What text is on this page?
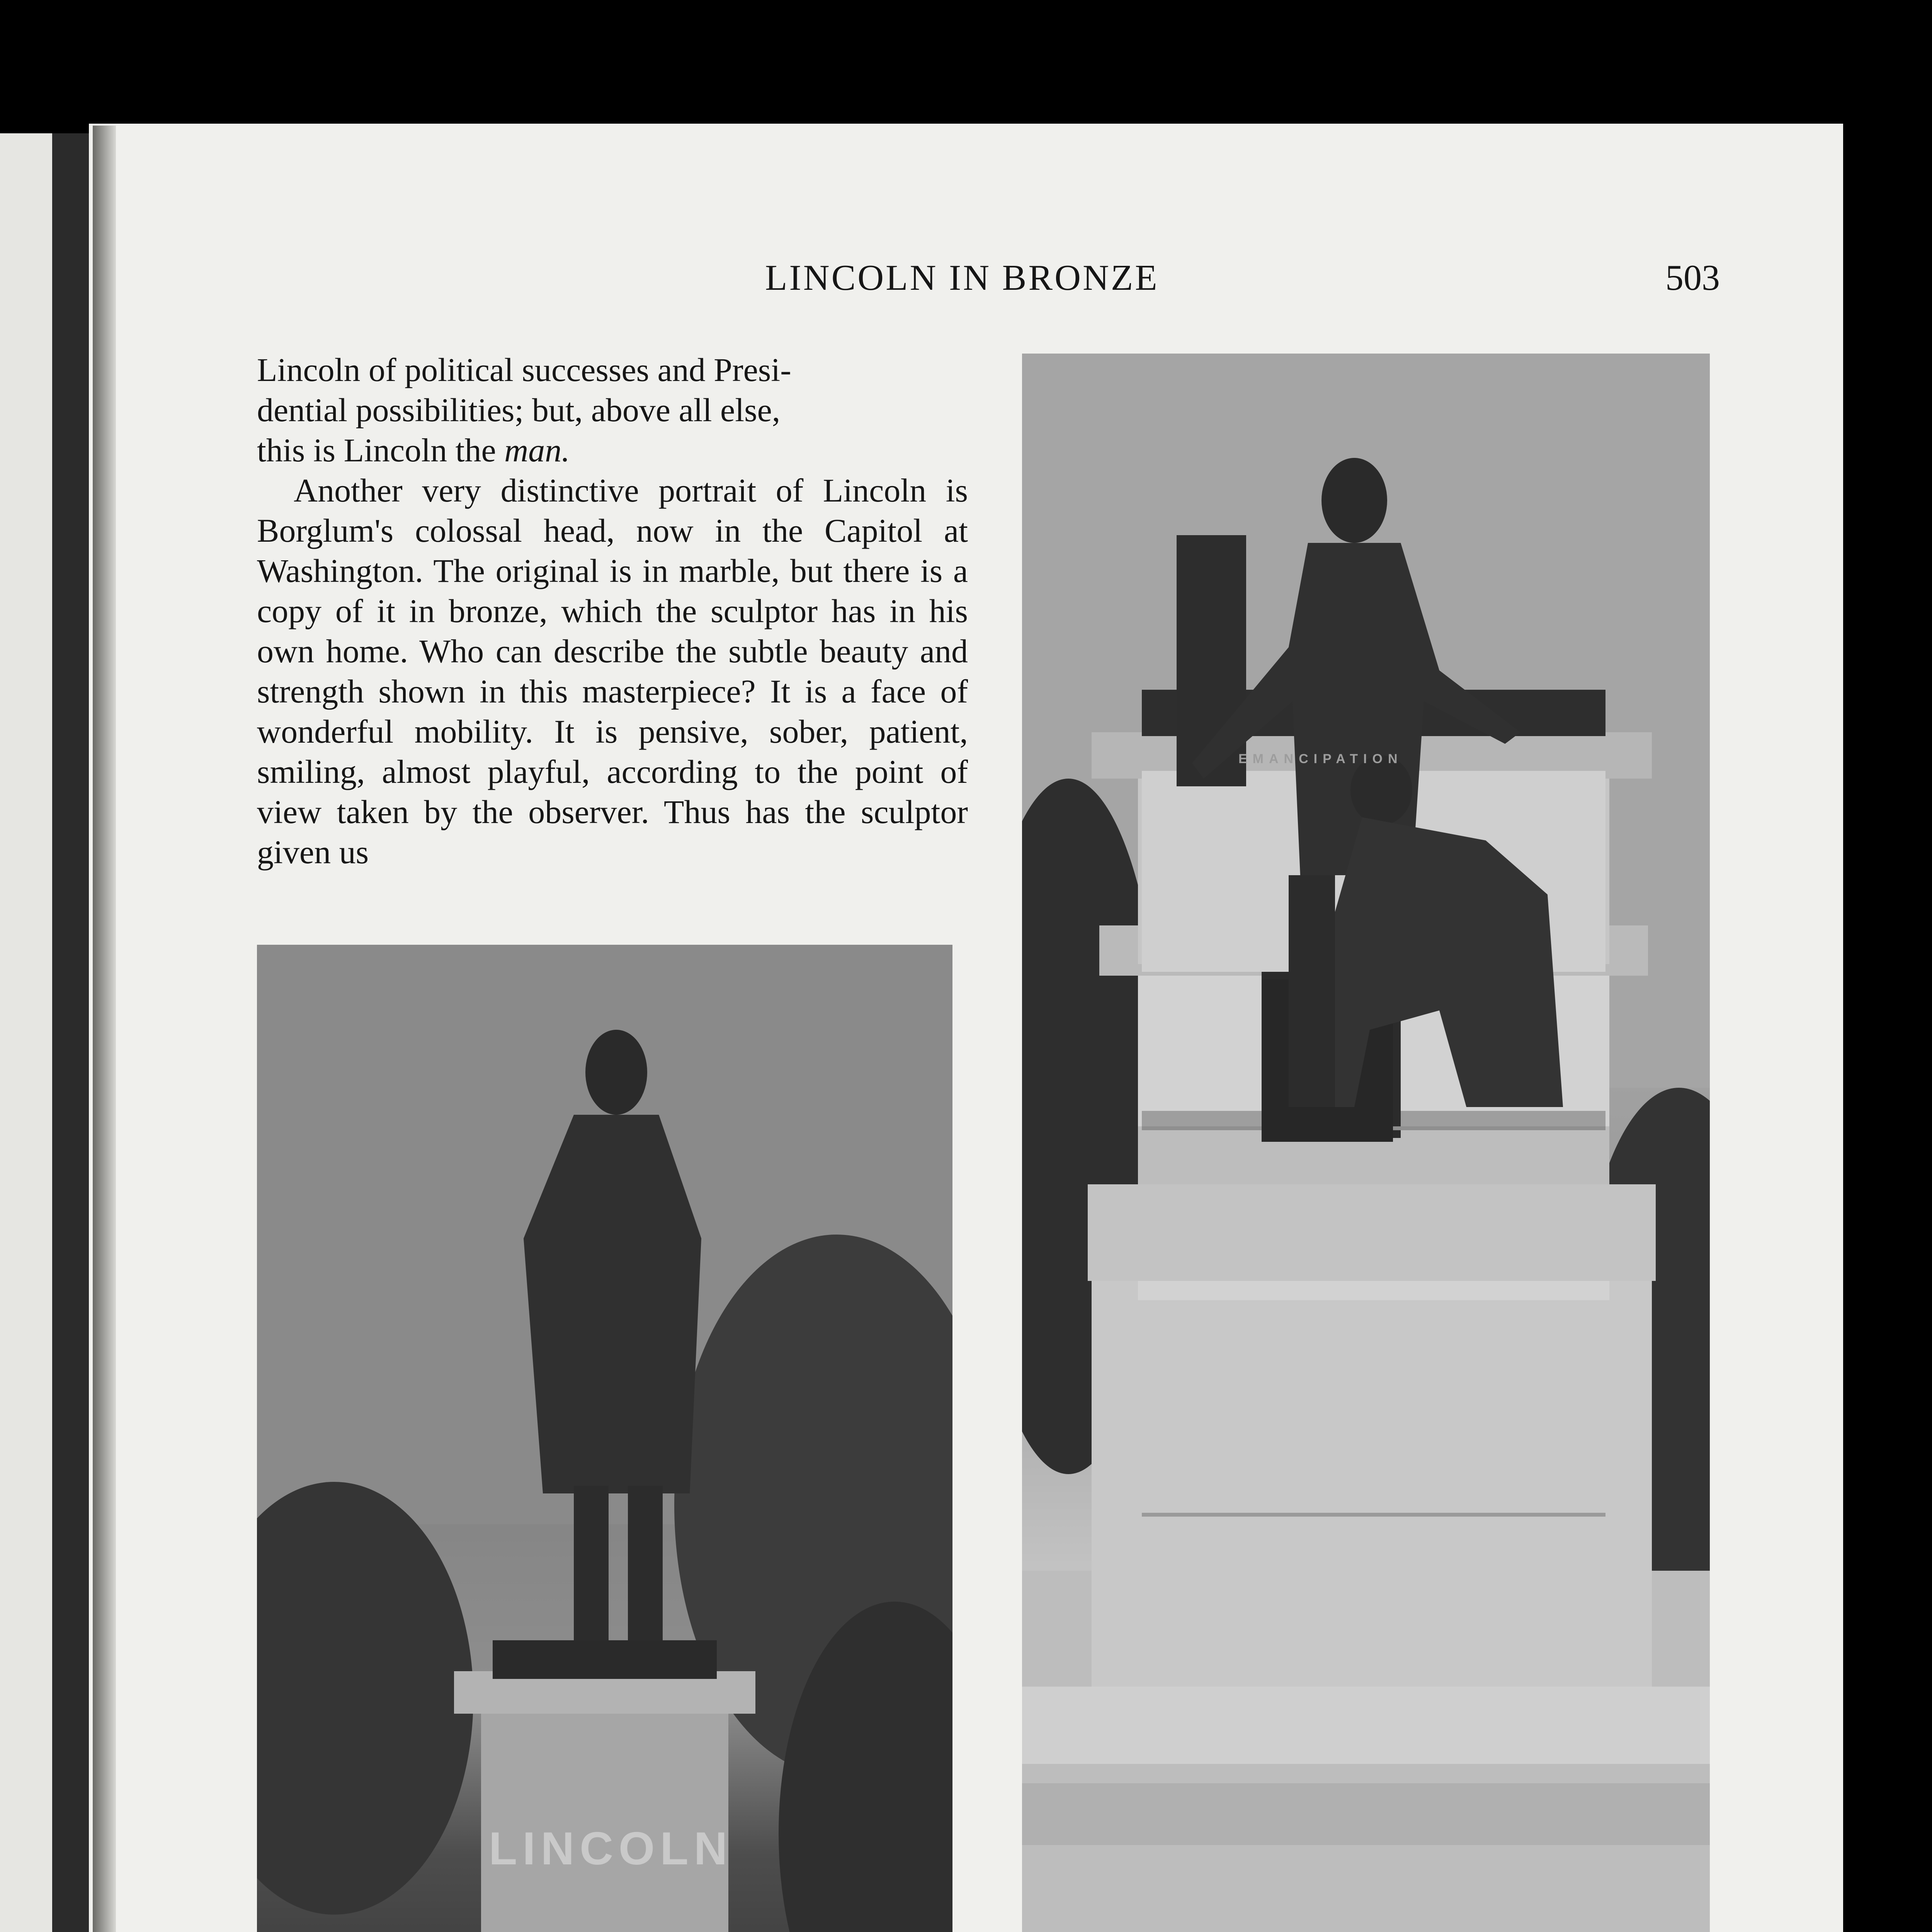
LINCOLN IN BRONZE	503

Lincoln of political successes and Presi-
dential possibilities; but, above all else,
this is Lincoln the man.

Another very distinctive portrait of Lincoln is Borglum's colossal head, now in the Capitol at Washington. The original is in marble, but there is a copy of it in bronze, which the sculptor has in his own home. Who can describe the subtle beauty and strength shown in this masterpiece? It is a face of wonderful mobility. It is pensive, sober, patient, smiling, almost playful, according to the point of view taken by the observer. Thus has the sculptor given us

LINCOLN
EMANCIPATION
